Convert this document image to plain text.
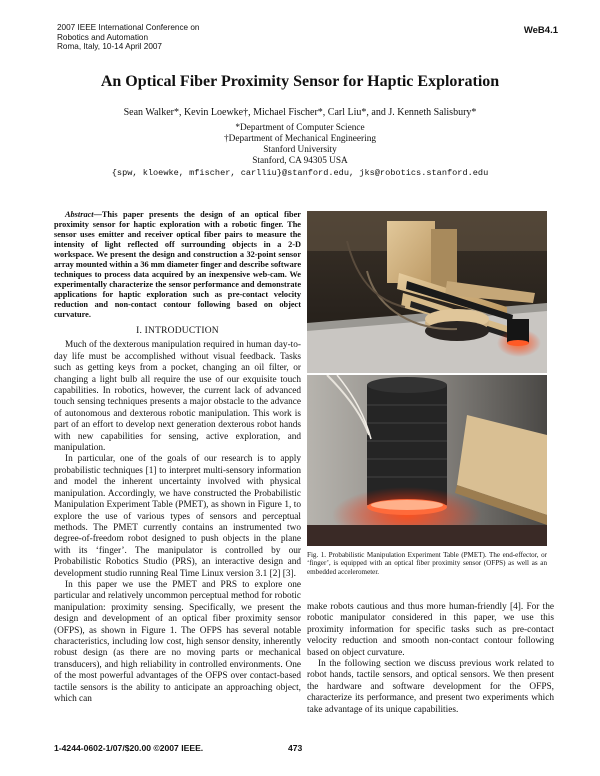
2007 IEEE International Conference on
Robotics and Automation
Roma, Italy, 10-14 April 2007
WeB4.1
An Optical Fiber Proximity Sensor for Haptic Exploration
Sean Walker*, Kevin Loewke†, Michael Fischer*, Carl Liu*, and J. Kenneth Salisbury*
*Department of Computer Science
†Department of Mechanical Engineering
Stanford University
Stanford, CA 94305 USA
{spw, kloewke, mfischer, carlliu}@stanford.edu, jks@robotics.stanford.edu
Abstract—This paper presents the design of an optical fiber proximity sensor for haptic exploration with a robotic finger. The sensor uses emitter and receiver optical fiber pairs to measure the intensity of light reflected off surrounding objects in a 2-D workspace. We present the design and construction a 32-point sensor array mounted within a 36 mm diameter finger and describe software techniques to process data acquired by an inexpensive web-cam. We experimentally characterize the sensor performance and demonstrate applications for haptic exploration such as pre-contact velocity reduction and non-contact contour following based on object curvature.
I. INTRODUCTION

Much of the dexterous manipulation required in human day-to-day life must be accomplished without visual feedback. Tasks such as getting keys from a pocket, changing an oil filter, or changing a light bulb all require the use of our exquisite touch capabilities. In robotics, however, the current lack of advanced touch sensing techniques presents a major obstacle to the advance of autonomous and dexterous robotic manipulation. This work is part of an effort to develop next generation dexterous robot hands with new capabilities for sensing, active exploration, and manipulation.

In particular, one of the goals of our research is to apply probabilistic techniques [1] to interpret multi-sensory information and model the inherent uncertainty involved with physical manipulation. Accordingly, we have constructed the Probabilistic Manipulation Experiment Table (PMET), as shown in Figure 1, to explore the use of various types of sensors and perceptual methods. The PMET currently contains an instrumented two degree-of-freedom robot designed to push objects in the plane with its ‘finger’. The manipulator is controlled by our Probabilistic Robotics Studio (PRS), an interactive design and development studio running Real Time Linux version 3.1 [2] [3].

In this paper we use the PMET and PRS to explore one particular and relatively uncommon perceptual method for robotic manipulation: proximity sensing. Specifically, we present the design and development of an optical fiber proximity sensor (OFPS), as shown in Figure 1. The OFPS has several notable characteristics, including low cost, high sensor density, inherently robust design (as there are no moving parts or mechanical transducers), and high reliability in controlled environments. One of the most powerful advantages of the OFPS over contact-based tactile sensors is the ability to anticipate an approaching object, which can

Fig. 1. Probabilistic Manipulation Experiment Table (PMET). The end-effector, or ‘finger’, is equipped with an optical fiber proximity sensor (OFPS) as well as an embedded accelerometer.

make robots cautious and thus more human-friendly [4]. For the robotic manipulator considered in this paper, we use this proximity information for specific tasks such as pre-contact velocity reduction and smooth non-contact contour following based on object curvature.

In the following section we discuss previous work related to robot hands, tactile sensors, and optical sensors. We then present the hardware and software development for the OFPS, characterize its performance, and present two experiments which take advantage of its unique capabilities.

1-4244-0602-1/07/$20.00 ©2007 IEEE.	473
